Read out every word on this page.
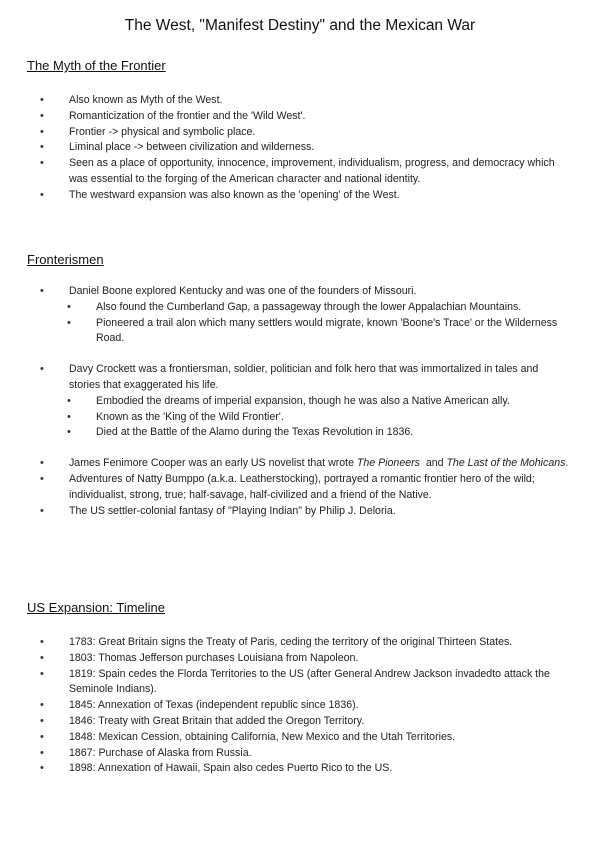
The West, "Manifest Destiny" and the Mexican War
The Myth of the Frontier
• Also known as Myth of the West.
• Romanticization of the frontier and the 'Wild West'.
• Frontier -> physical and symbolic place.
• Liminal place -> between civilization and wilderness.
• Seen as a place of opportunity, innocence, improvement, individualism, progress, and democracy which was essential to the forging of the American character and national identity.
• The westward expansion was also known as the 'opening' of the West.
Fronterismen
• Daniel Boone explored Kentucky and was one of the founders of Missouri.
• Also found the Cumberland Gap, a passageway through the lower Appalachian Mountains.
• Pioneered a trail alon which many settlers would migrate, known 'Boone's Trace' or the Wilderness Road.
• Davy Crockett was a frontiersman, soldier, politician and folk hero that was immortalized in tales and stories that exaggerated his life.
• Embodied the dreams of imperial expansion, though he was also a Native American ally.
• Known as the 'King of the Wild Frontier'.
• Died at the Battle of the Alamo during the Texas Revolution in 1836.
• James Fenimore Cooper was an early US novelist that wrote The Pioneers  and The Last of the Mohicans.
• Adventures of Natty Bumppo (a.k.a. Leatherstocking), portrayed a romantic frontier hero of the wild; individualist, strong, true; half-savage, half-civilized and a friend of the Native.
• The US settler-colonial fantasy of "Playing Indian" by Philip J. Deloria.
US Expansion: Timeline
• 1783: Great Britain signs the Treaty of Paris, ceding the territory of the original Thirteen States.
• 1803: Thomas Jefferson purchases Louisiana from Napoleon.
• 1819: Spain cedes the Florda Territories to the US (after General Andrew Jackson invadedto attack the Seminole Indians).
• 1845: Annexation of Texas (independent republic since 1836).
• 1846: Treaty with Great Britain that added the Oregon Territory.
• 1848: Mexican Cession, obtaining California, New Mexico and the Utah Territories.
• 1867: Purchase of Alaska from Russia.
• 1898: Annexation of Hawaii, Spain also cedes Puerto Rico to the US.
